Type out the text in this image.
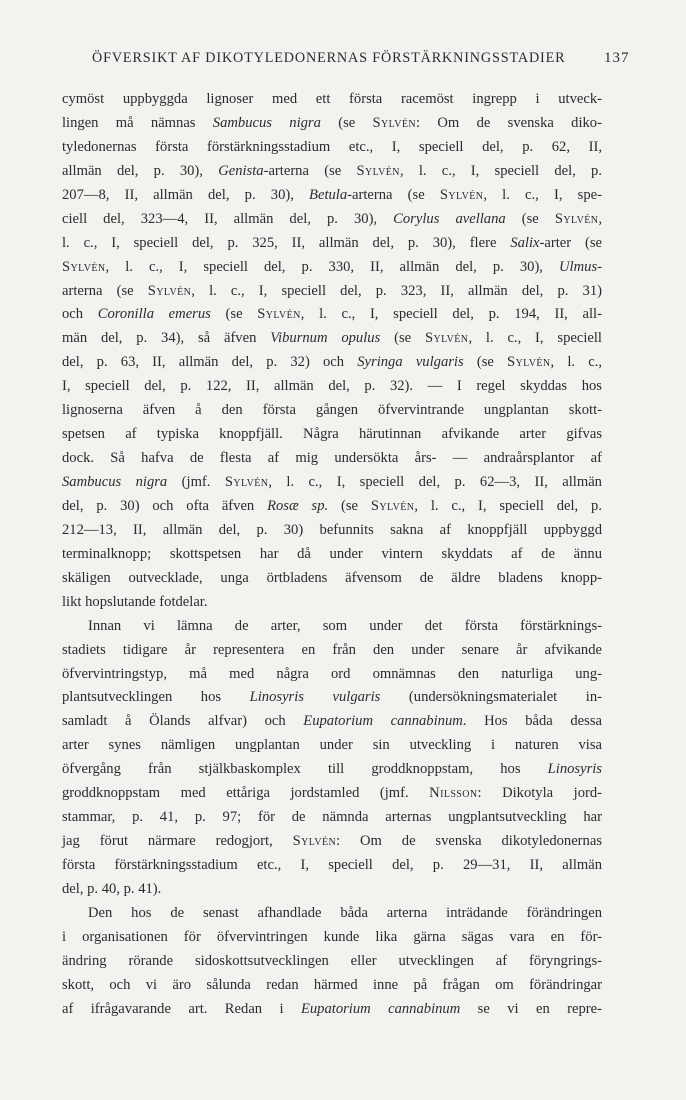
ÖFVERSIKT AF DIKOTYLEDONERNAS FÖRSTÄRKNINGSSTADIER	137
cymöst uppbyggda lignoser med ett första racemöst ingrepp i utveck-
lingen må nämnas Sambucus nigra (se Sylvén: Om de svenska diko-
tyledonernas första förstärkningsstadium etc., I, speciell del, p. 62, II,
allmän del, p. 30), Genista-arterna (se Sylvén, l. c., I, speciell del, p.
207—8, II, allmän del, p. 30), Betula-arterna (se Sylvén, l. c., I, spe-
ciell del, 323—4, II, allmän del, p. 30), Corylus avellana (se Sylvén,
l. c., I, speciell del, p. 325, II, allmän del, p. 30), flere Salix-arter (se
Sylvén, l. c., I, speciell del, p. 330, II, allmän del, p. 30), Ulmus-
arterna (se Sylvén, l. c., I, speciell del, p. 323, II, allmän del, p. 31)
och Coronilla emerus (se Sylvén, l. c., I, speciell del, p. 194, II, all-
män del, p. 34), så äfven Viburnum opulus (se Sylvén, l. c., I, speciell
del, p. 63, II, allmän del, p. 32) och Syringa vulgaris (se Sylvén, l. c.,
I, speciell del, p. 122, II, allmän del, p. 32). — I regel skyddas hos
lignoserna äfven å den första gången öfvervintrande ungplantan skott-
spetsen af typiska knoppfjäll. Några härutinnan afvikande arter gifvas
dock. Så hafva de flesta af mig undersökta års- — andraårsplantor af
Sambucus nigra (jmf. Sylvén, l. c., I, speciell del, p. 62—3, II, allmän
del, p. 30) och ofta äfven Rosæ sp. (se Sylvén, l. c., I, speciell del, p.
212—13, II, allmän del, p. 30) befunnits sakna af knoppfjäll uppbyggd
terminalknopp; skottspetsen har då under vintern skyddats af de ännu
skäligen outvecklade, unga örtbladens äfvensom de äldre bladens knopp-
likt hopslutande fotdelar.
Innan vi lämna de arter, som under det första förstärknings-
stadiets tidigare år representera en från den under senare år afvikande
öfvervintringstyp, må med några ord omnämnas den naturliga ung-
plantsutvecklingen hos Linosyris vulgaris (undersökningsmaterialet in-
samladt å Ölands alfvar) och Eupatorium cannabinum. Hos båda dessa
arter synes nämligen ungplantan under sin utveckling i naturen visa
öfvergång från stjälkbaskomplex till groddknoppstam, hos Linosyris
groddknoppstam med ettåriga jordstamled (jmf. Nilsson: Dikotyla jord-
stammar, p. 41, p. 97; för de nämnda arternas ungplantsutveckling har
jag förut närmare redogjort, Sylvén: Om de svenska dikotyledonernas
första förstärkningsstadium etc., I, speciell del, p. 29—31, II, allmän
del, p. 40, p. 41).
Den hos de senast afhandlade båda arterna inträdande förändringen
i organisationen för öfvervintringen kunde lika gärna sägas vara en för-
ändring rörande sidoskottsutvecklingen eller utvecklingen af föryngrings-
skott, och vi äro sålunda redan härmed inne på frågan om förändringar
af ifrågavarande art. Redan i Eupatorium cannabinum se vi en repre-
